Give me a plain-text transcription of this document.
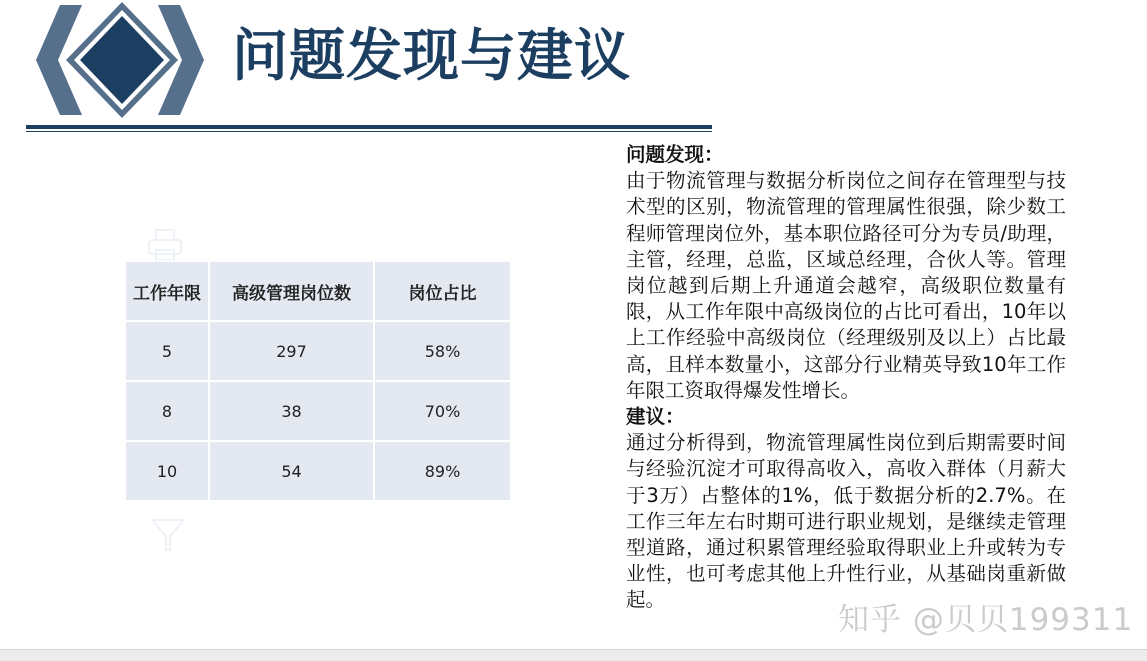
问题发现与建议
工作年限	高级管理岗位数	岗位占比
5	297	58%
8	38	70%
10	54	89%

问题发现：

由于物流管理与数据分析岗位之间存在管理型与技术型的区别，物流管理的管理属性很强，除少数工程师管理岗位外，基本职位路径可分为专员/助理，主管，经理，总监，区域总经理，合伙人等。管理岗位越到后期上升通道会越窄，高级职位数量有限，从工作年限中高级岗位的占比可看出，10年以上工作经验中高级岗位（经理级别及以上）占比最高，且样本数量小，这部分行业精英导致10年工作年限工资取得爆发性增长。

建议：

通过分析得到，物流管理属性岗位到后期需要时间与经验沉淀才可取得高收入，高收入群体（月薪大于3万）占整体的1%，低于数据分析的2.7%。在工作三年左右时期可进行职业规划，是继续走管理型道路，通过积累管理经验取得职业上升或转为专业性，也可考虑其他上升性行业，从基础岗重新做起。

知乎 @贝贝199311
